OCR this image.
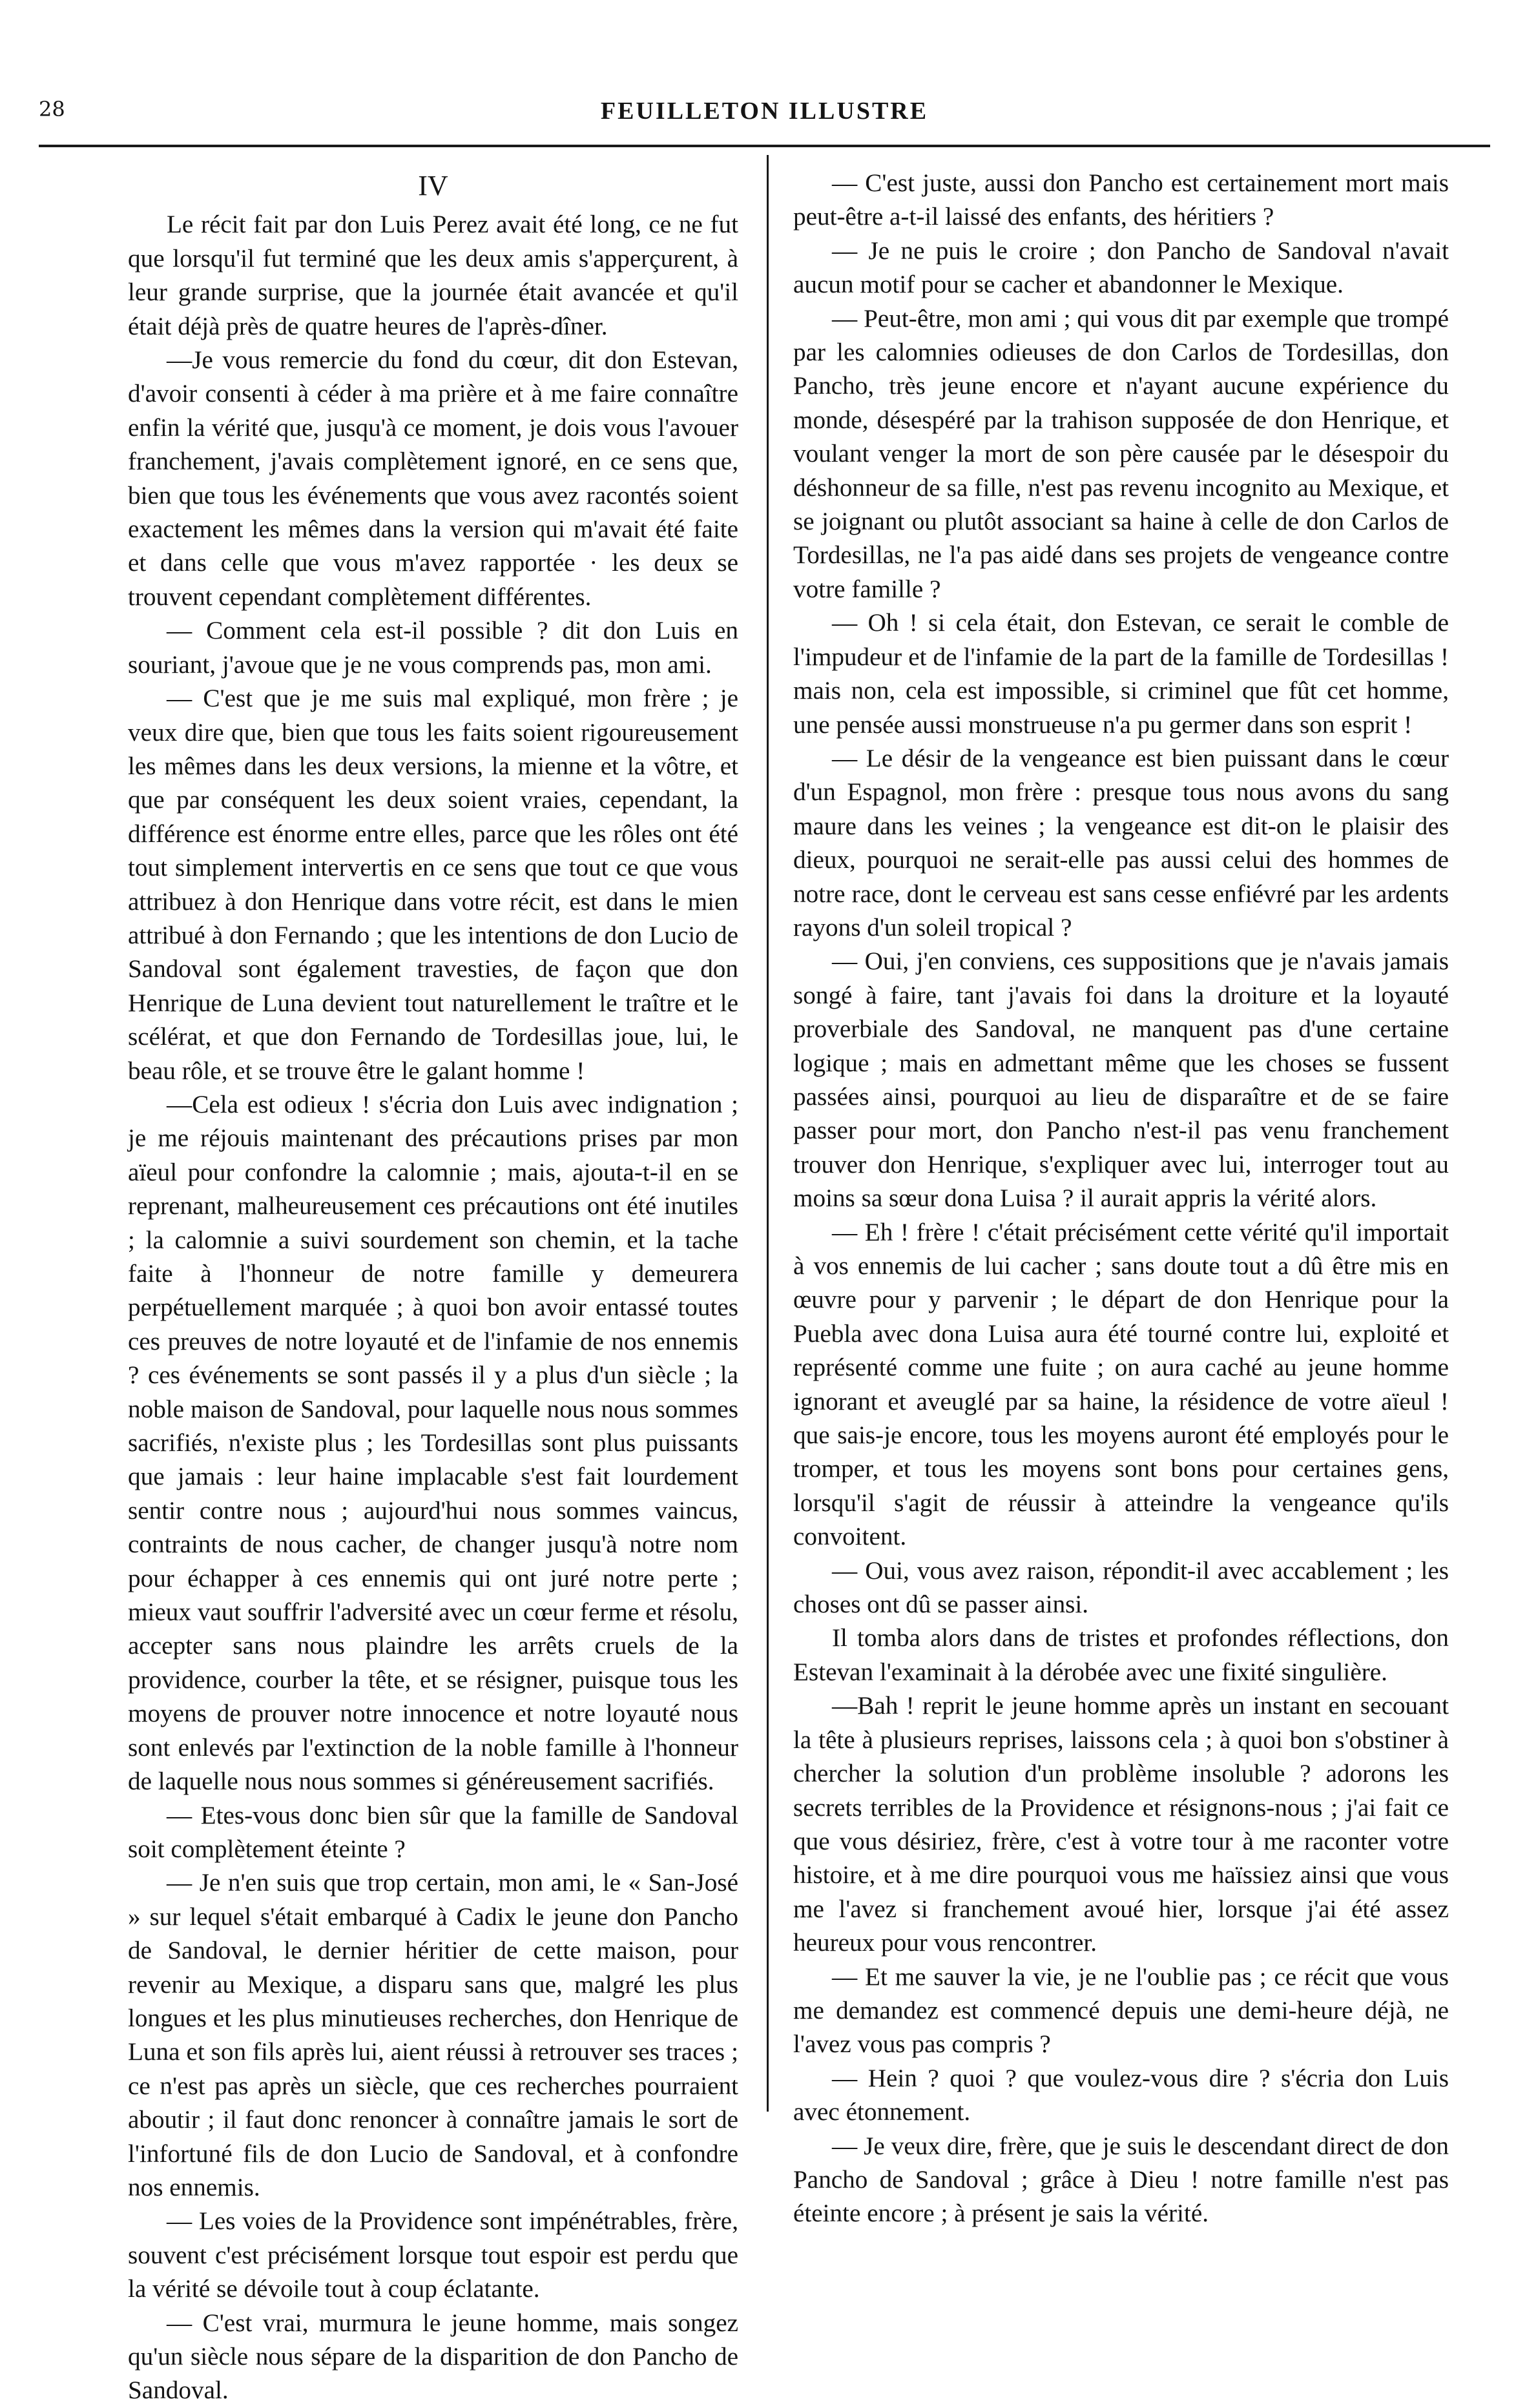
28	FEUILLETON ILLUSTRE

IV

Le récit fait par don Luis Perez avait été long, ce ne fut que lorsqu'il fut terminé que les deux amis s'apperçurent, à leur grande surprise, que la journée était avancée et qu'il était déjà près de quatre heures de l'après-dîner.

—Je vous remercie du fond du cœur, dit don Estevan, d'avoir consenti à céder à ma prière et à me faire connaître enfin la vérité que, jusqu'à ce moment, je dois vous l'avouer franchement, j'avais complètement ignoré, en ce sens que, bien que tous les événements que vous avez racontés soient exactement les mêmes dans la version qui m'avait été faite et dans celle que vous m'avez rapportée · les deux se trouvent cependant complètement différentes.

— Comment cela est-il possible ? dit don Luis en souriant, j'avoue que je ne vous comprends pas, mon ami.

— C'est que je me suis mal expliqué, mon frère ; je veux dire que, bien que tous les faits soient rigoureusement les mêmes dans les deux versions, la mienne et la vôtre, et que par conséquent les deux soient vraies, cependant, la différence est énorme entre elles, parce que les rôles ont été tout simplement intervertis en ce sens que tout ce que vous attribuez à don Henrique dans votre récit, est dans le mien attribué à don Fernando ; que les intentions de don Lucio de Sandoval sont également travesties, de façon que don Henrique de Luna devient tout naturellement le traître et le scélérat, et que don Fernando de Tordesillas joue, lui, le beau rôle, et se trouve être le galant homme !

—Cela est odieux ! s'écria don Luis avec indignation ; je me réjouis maintenant des précautions prises par mon aïeul pour confondre la calomnie ; mais, ajouta-t-il en se reprenant, malheureusement ces précautions ont été inutiles ; la calomnie a suivi sourdement son chemin, et la tache faite à l'honneur de notre famille y demeurera perpétuellement marquée ; à quoi bon avoir entassé toutes ces preuves de notre loyauté et de l'infamie de nos ennemis ? ces événements se sont passés il y a plus d'un siècle ; la noble maison de Sandoval, pour laquelle nous nous sommes sacrifiés, n'existe plus ; les Tordesillas sont plus puissants que jamais : leur haine implacable s'est fait lourdement sentir contre nous ; aujourd'hui nous sommes vaincus, contraints de nous cacher, de changer jusqu'à notre nom pour échapper à ces ennemis qui ont juré notre perte ; mieux vaut souffrir l'adversité avec un cœur ferme et résolu, accepter sans nous plaindre les arrêts cruels de la providence, courber la tête, et se résigner, puisque tous les moyens de prouver notre innocence et notre loyauté nous sont enlevés par l'extinction de la noble famille à l'honneur de laquelle nous nous sommes si généreusement sacrifiés.

— Etes-vous donc bien sûr que la famille de Sandoval soit complètement éteinte ?

— Je n'en suis que trop certain, mon ami, le « San-José » sur lequel s'était embarqué à Cadix le jeune don Pancho de Sandoval, le dernier héritier de cette maison, pour revenir au Mexique, a disparu sans que, malgré les plus longues et les plus minutieuses recherches, don Henrique de Luna et son fils après lui, aient réussi à retrouver ses traces ; ce n'est pas après un siècle, que ces recherches pourraient aboutir ; il faut donc renoncer à connaître jamais le sort de l'infortuné fils de don Lucio de Sandoval, et à confondre nos ennemis.

— Les voies de la Providence sont impénétrables, frère, souvent c'est précisément lorsque tout espoir est perdu que la vérité se dévoile tout à coup éclatante.

— C'est vrai, murmura le jeune homme, mais songez qu'un siècle nous sépare de la disparition de don Pancho de Sandoval.

— C'est juste, aussi don Pancho est certainement mort mais peut-être a-t-il laissé des enfants, des héritiers ?

— Je ne puis le croire ; don Pancho de Sandoval n'avait aucun motif pour se cacher et abandonner le Mexique.

— Peut-être, mon ami ; qui vous dit par exemple que trompé par les calomnies odieuses de don Carlos de Tordesillas, don Pancho, très jeune encore et n'ayant aucune expérience du monde, désespéré par la trahison supposée de don Henrique, et voulant venger la mort de son père causée par le désespoir du déshonneur de sa fille, n'est pas revenu incognito au Mexique, et se joignant ou plutôt associant sa haine à celle de don Carlos de Tordesillas, ne l'a pas aidé dans ses projets de vengeance contre votre famille ?

— Oh ! si cela était, don Estevan, ce serait le comble de l'impudeur et de l'infamie de la part de la famille de Tordesillas ! mais non, cela est impossible, si criminel que fût cet homme, une pensée aussi monstrueuse n'a pu germer dans son esprit !

— Le désir de la vengeance est bien puissant dans le cœur d'un Espagnol, mon frère : presque tous nous avons du sang maure dans les veines ; la vengeance est dit-on le plaisir des dieux, pourquoi ne serait-elle pas aussi celui des hommes de notre race, dont le cerveau est sans cesse enfiévré par les ardents rayons d'un soleil tropical ?

— Oui, j'en conviens, ces suppositions que je n'avais jamais songé à faire, tant j'avais foi dans la droiture et la loyauté proverbiale des Sandoval, ne manquent pas d'une certaine logique ; mais en admettant même que les choses se fussent passées ainsi, pourquoi au lieu de disparaître et de se faire passer pour mort, don Pancho n'est-il pas venu franchement trouver don Henrique, s'expliquer avec lui, interroger tout au moins sa sœur dona Luisa ? il aurait appris la vérité alors.

— Eh ! frère ! c'était précisément cette vérité qu'il importait à vos ennemis de lui cacher ; sans doute tout a dû être mis en œuvre pour y parvenir ; le départ de don Henrique pour la Puebla avec dona Luisa aura été tourné contre lui, exploité et représenté comme une fuite ; on aura caché au jeune homme ignorant et aveuglé par sa haine, la résidence de votre aïeul ! que sais-je encore, tous les moyens auront été employés pour le tromper, et tous les moyens sont bons pour certaines gens, lorsqu'il s'agit de réussir à atteindre la vengeance qu'ils convoitent.

— Oui, vous avez raison, répondit-il avec accablement ; les choses ont dû se passer ainsi.

Il tomba alors dans de tristes et profondes réflections, don Estevan l'examinait à la dérobée avec une fixité singulière.

—Bah ! reprit le jeune homme après un instant en secouant la tête à plusieurs reprises, laissons cela ; à quoi bon s'obstiner à chercher la solution d'un problème insoluble ? adorons les secrets terribles de la Providence et résignons-nous ; j'ai fait ce que vous désiriez, frère, c'est à votre tour à me raconter votre histoire, et à me dire pourquoi vous me haïssiez ainsi que vous me l'avez si franchement avoué hier, lorsque j'ai été assez heureux pour vous rencontrer.

— Et me sauver la vie, je ne l'oublie pas ; ce récit que vous me demandez est commencé depuis une demi-heure déjà, ne l'avez vous pas compris ?

— Hein ? quoi ? que voulez-vous dire ? s'écria don Luis avec étonnement.

— Je veux dire, frère, que je suis le descendant direct de don Pancho de Sandoval ; grâce à Dieu ! notre famille n'est pas éteinte encore ; à présent je sais la vérité.
